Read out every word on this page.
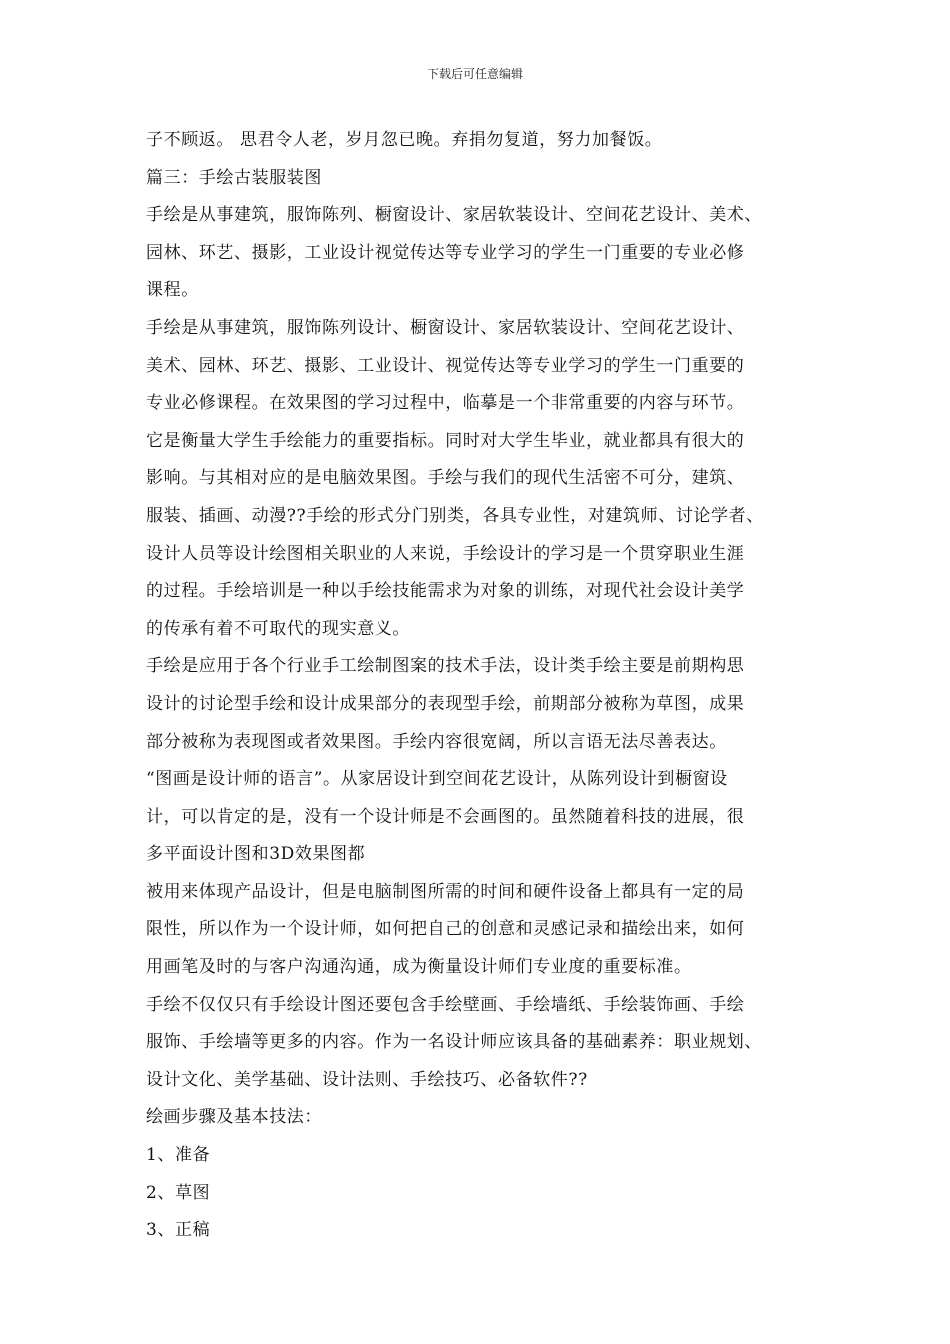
下载后可任意编辑
子不顾返。 思君令人老，岁月忽已晚。弃捐勿复道，努力加餐饭。
篇三：手绘古装服装图
手绘是从事建筑，服饰陈列、橱窗设计、家居软装设计、空间花艺设计、美术、
园林、环艺、摄影，工业设计视觉传达等专业学习的学生一门重要的专业必修
课程。
手绘是从事建筑，服饰陈列设计、橱窗设计、家居软装设计、空间花艺设计、
美术、园林、环艺、摄影、工业设计、视觉传达等专业学习的学生一门重要的
专业必修课程。在效果图的学习过程中，临摹是一个非常重要的内容与环节。
它是衡量大学生手绘能力的重要指标。同时对大学生毕业，就业都具有很大的
影响。与其相对应的是电脑效果图。手绘与我们的现代生活密不可分，建筑、
服装、插画、动漫??手绘的形式分门别类，各具专业性，对建筑师、讨论学者、
设计人员等设计绘图相关职业的人来说，手绘设计的学习是一个贯穿职业生涯
的过程。手绘培训是一种以手绘技能需求为对象的训练，对现代社会设计美学
的传承有着不可取代的现实意义。
手绘是应用于各个行业手工绘制图案的技术手法，设计类手绘主要是前期构思
设计的讨论型手绘和设计成果部分的表现型手绘，前期部分被称为草图，成果
部分被称为表现图或者效果图。手绘内容很宽阔，所以言语无法尽善表达。
“图画是设计师的语言”。从家居设计到空间花艺设计，从陈列设计到橱窗设
计，可以肯定的是，没有一个设计师是不会画图的。虽然随着科技的进展，很
多平面设计图和3D效果图都
被用来体现产品设计，但是电脑制图所需的时间和硬件设备上都具有一定的局
限性，所以作为一个设计师，如何把自己的创意和灵感记录和描绘出来，如何
用画笔及时的与客户沟通沟通，成为衡量设计师们专业度的重要标准。
手绘不仅仅只有手绘设计图还要包含手绘壁画、手绘墙纸、手绘装饰画、手绘
服饰、手绘墙等更多的内容。作为一名设计师应该具备的基础素养：职业规划、
设计文化、美学基础、设计法则、手绘技巧、必备软件??
绘画步骤及基本技法：
1、准备
2、草图
3、正稿
